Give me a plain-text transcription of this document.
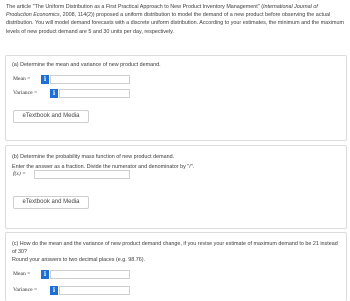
The article "The Uniform Distribution as a First Practical Approach to New Product Inventory Management" (International Journal of Production Economics, 2008, 114(2)) proposed a uniform distribution to model the demand of a new product before observing the actual distribution. You will model demand forecasts with a discrete uniform distribution. According to your estimates, the minimum and the maximum levels of new product demand are 5 and 30 units per day, respectively.
(a) Determine the mean and variance of new product demand.
Mean =	i
Variance =	i
eTextbook and Media
(b) Determine the probability mass function of new product demand.
Enter the answer as a fraction. Divide the numerator and denominator by "/".
f(x) =
eTextbook and Media
(c) How do the mean and the variance of new product demand change, if you revise your estimate of maximum demand to be 21 instead of 30?
Round your answers to two decimal places (e.g. 98.76).
Mean =	i
Variance =	i
